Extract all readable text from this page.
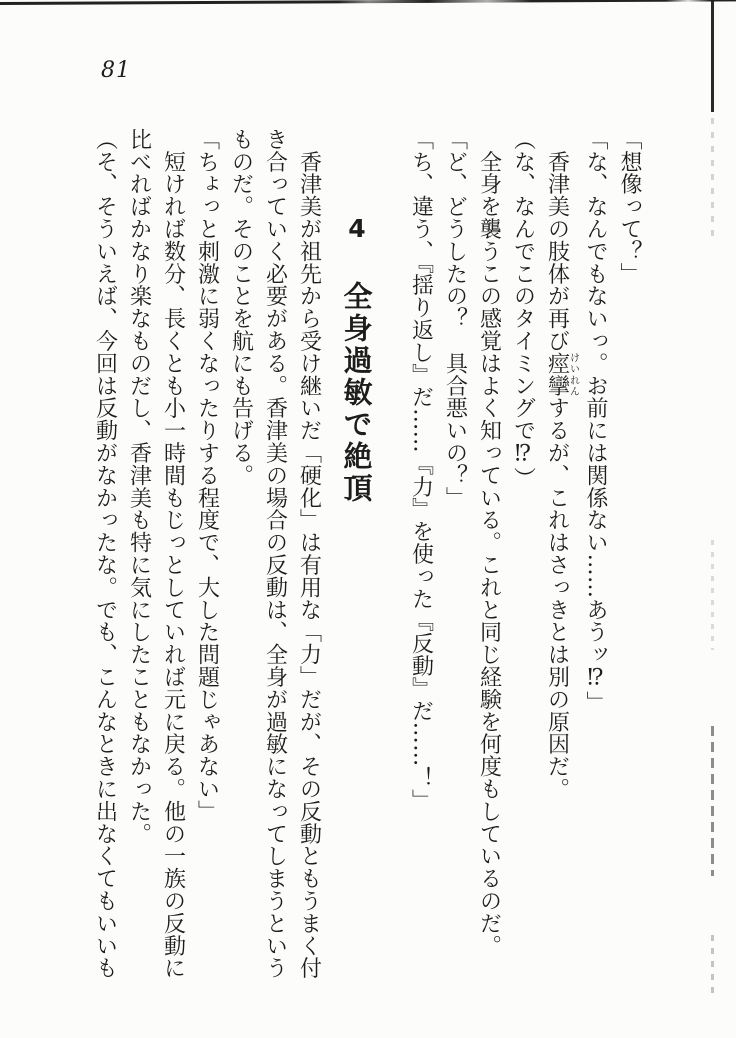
81

「想像って？」

「な、なんでもないっ。お前には関係ない……あうッ⁉」

　香津美の肢体が再び痙攣けいれんするが、これはさっきとは別の原因だ。

（な、なんでこのタイミングで⁉）

　全身を襲うこの感覚はよく知っている。これと同じ経験を何度もしているのだ。

「ど、どうしたの？　具合悪いの？」

「ち、違う、『揺り返し』だ……『力』を使った『反動』だ……！」

4全身過敏で絶頂

　香津美が祖先から受け継いだ「硬化」は有用な「力」だが、その反動ともうまく付

き合っていく必要がある。香津美の場合の反動は、全身が過敏になってしまうという

ものだ。そのことを航にも告げる。

「ちょっと刺激に弱くなったりする程度で、大した問題じゃあない」

　短ければ数分、長くとも小一時間もじっとしていれば元に戻る。他の一族の反動に

比べればかなり楽なものだし、香津美も特に気にしたこともなかった。

（そ、そういえば、今回は反動がなかったな。でも、こんなときに出なくてもいいも
